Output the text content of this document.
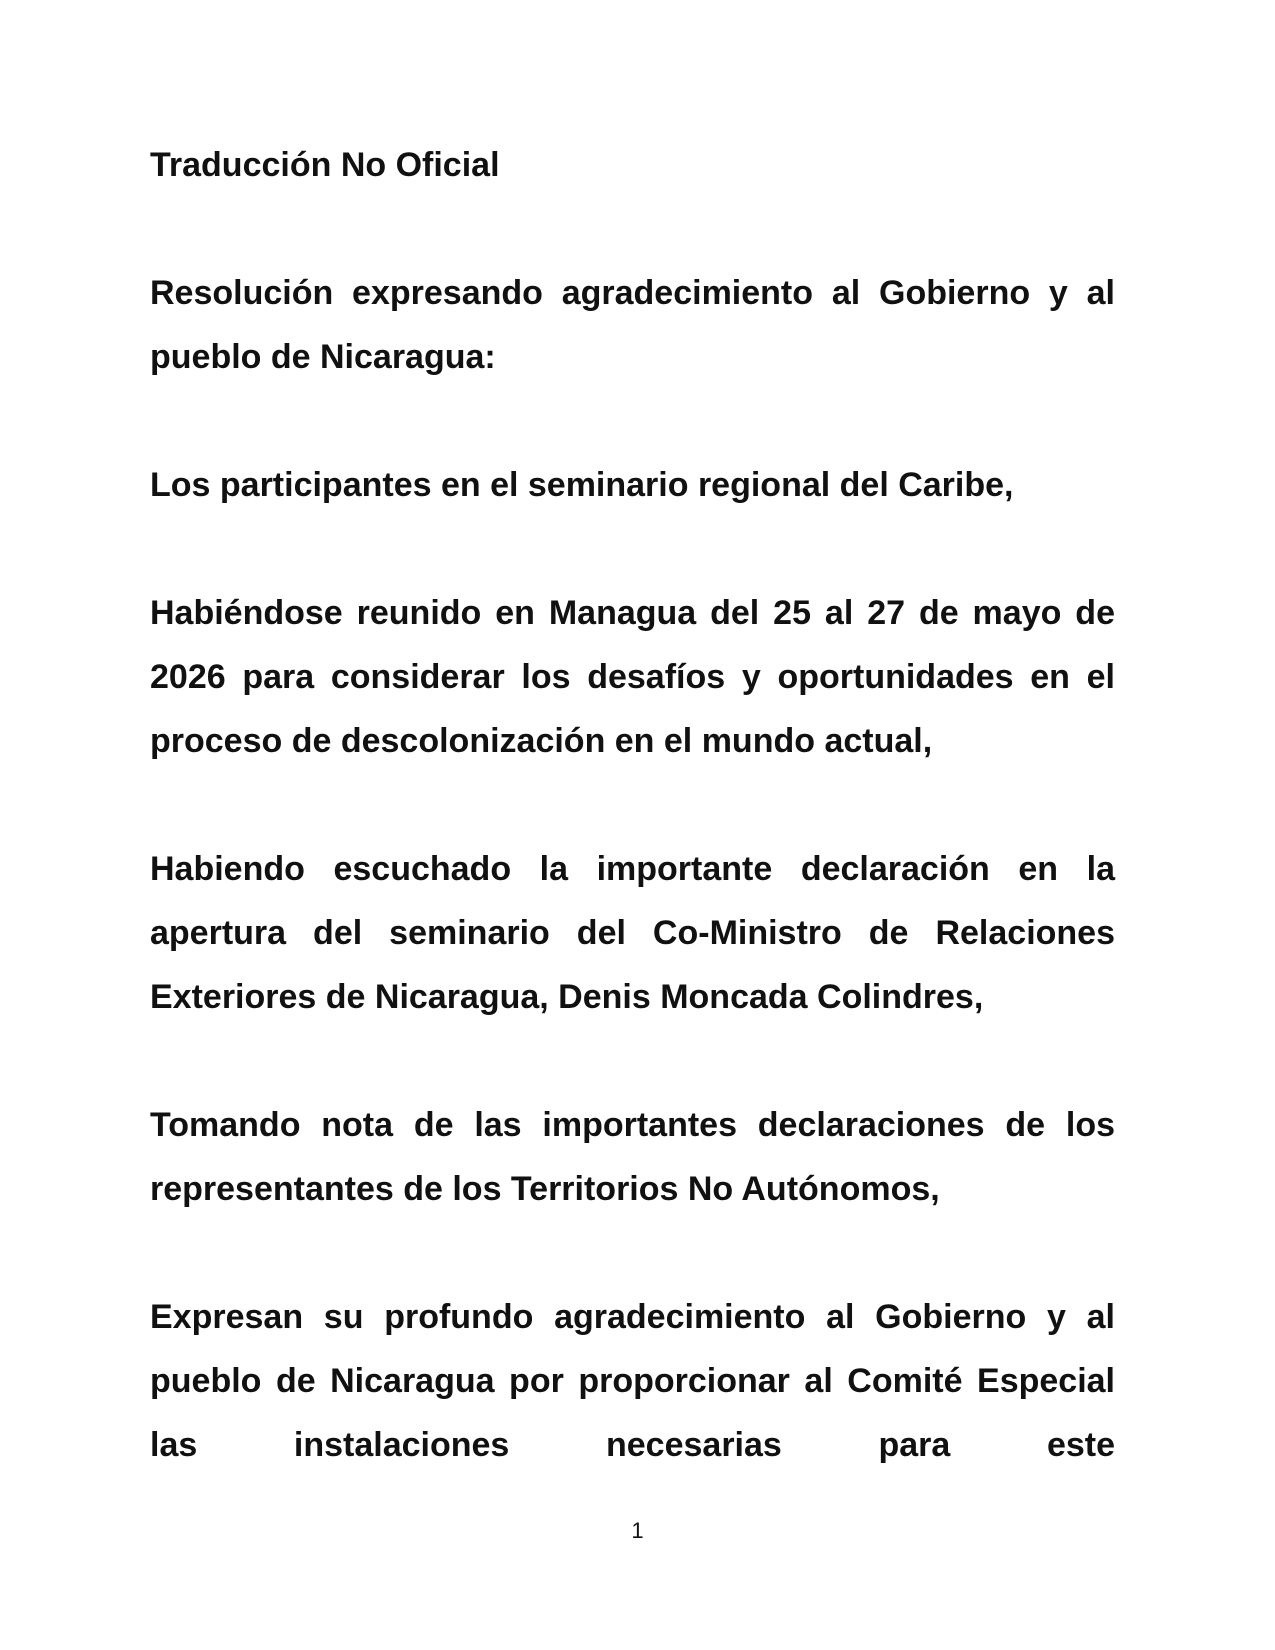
Traducción No Oficial

Resolución expresando agradecimiento al Gobierno y al pueblo de Nicaragua:

Los participantes en el seminario regional del Caribe,

Habiéndose reunido en Managua del 25 al 27 de mayo de 2026 para considerar los desafíos y oportunidades en el proceso de descolonización en el mundo actual,

Habiendo escuchado la importante declaración en la apertura del seminario del Co-Ministro de Relaciones Exteriores de Nicaragua, Denis Moncada Colindres,

Tomando nota de las importantes declaraciones de los representantes de los Territorios No Autónomos,

Expresan su profundo agradecimiento al Gobierno y al pueblo de Nicaragua por proporcionar al Comité Especial las instalaciones necesarias para este

1
